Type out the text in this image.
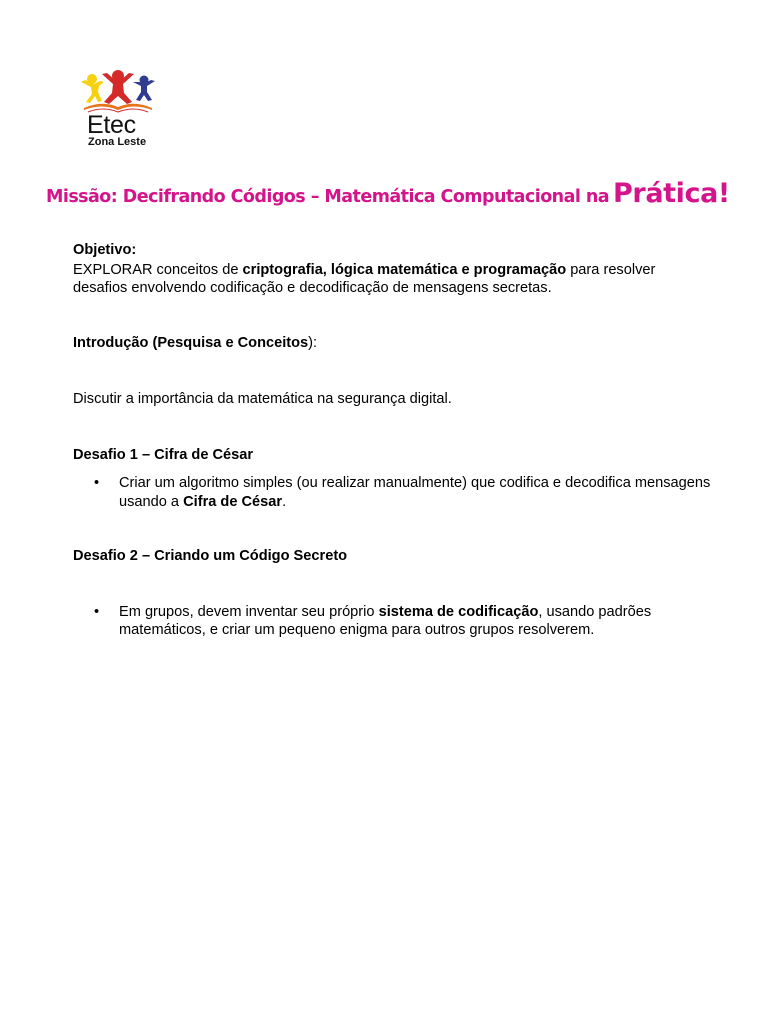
Etec
Zona Leste
Missão: Decifrando Códigos – Matemática Computacional na Prática!

Objetivo:

EXPLORAR conceitos de criptografia, lógica matemática e programação para resolver desafios envolvendo codificação e decodificação de mensagens secretas.

Introdução (Pesquisa e Conceitos):

Discutir a importância da matemática na segurança digital.

Desafio 1 – Cifra de César

• Criar um algoritmo simples (ou realizar manualmente) que codifica e decodifica mensagens usando a Cifra de César.

Desafio 2 – Criando um Código Secreto

• Em grupos, devem inventar seu próprio sistema de codificação, usando padrões matemáticos, e criar um pequeno enigma para outros grupos resolverem.
